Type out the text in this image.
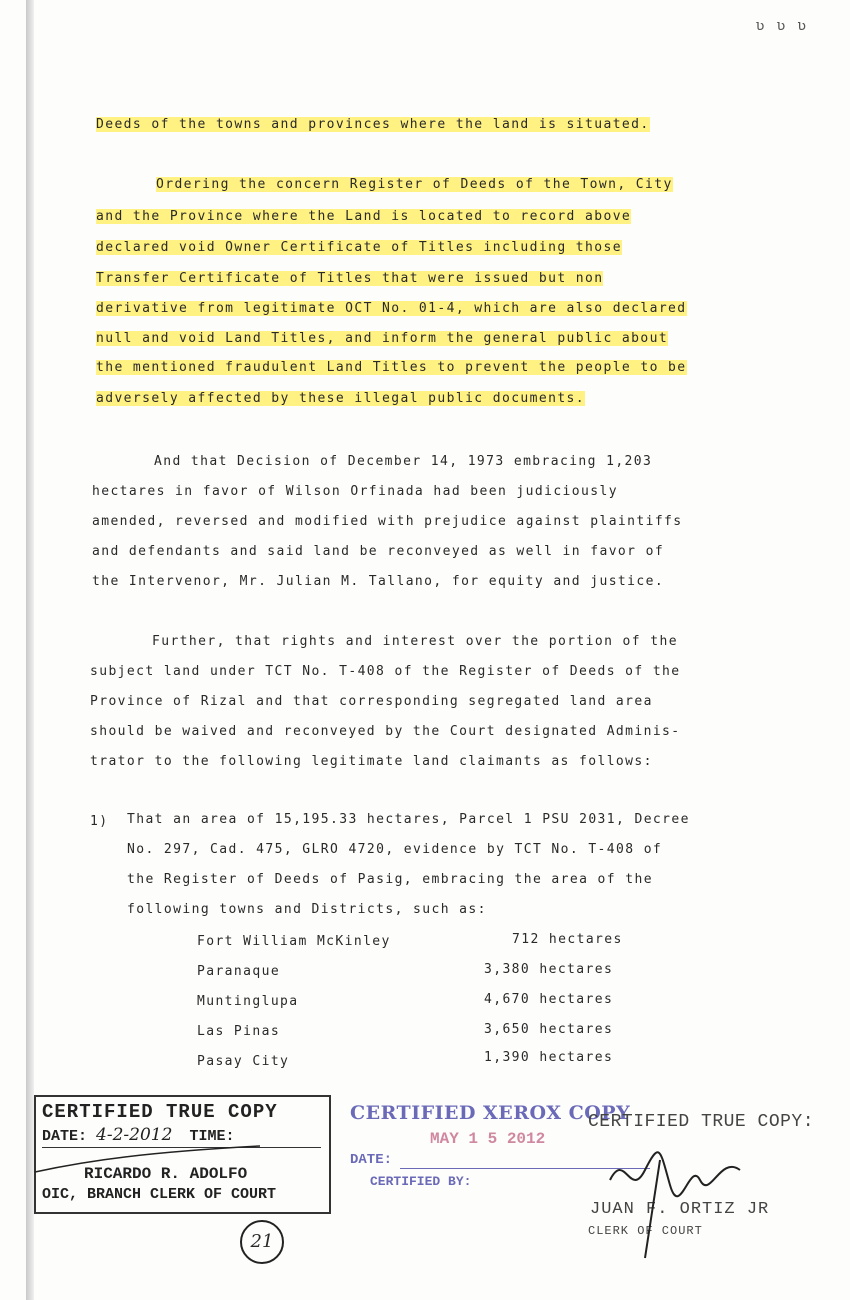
ʋ ʋ ʋ
Deeds of the towns and provinces where the land is situated.
Ordering the concern Register of Deeds of the Town, City
and the Province where the Land is located to record above
declared void Owner Certificate of Titles including those
Transfer Certificate of Titles that were issued but non
derivative from legitimate OCT No. 01-4, which are also declared
null and void Land Titles, and inform the general public about
the mentioned fraudulent Land Titles to prevent the people to be
adversely affected by these illegal public documents.
And that Decision of December 14, 1973 embracing 1,203
hectares in favor of Wilson Orfinada had been judiciously
amended, reversed and modified with prejudice against plaintiffs
and defendants and said land be reconveyed as well in favor of
the Intervenor, Mr. Julian M. Tallano, for equity and justice.
Further, that rights and interest over the portion of the
subject land under TCT No. T-408 of the Register of Deeds of the
Province of Rizal and that corresponding segregated land area
should be waived and reconveyed by the Court designated Adminis-
trator to the following legitimate land claimants as follows:
1) That an area of 15,195.33 hectares, Parcel 1 PSU 2031, Decree
No. 297, Cad. 475, GLRO 4720, evidence by TCT No. T-408 of
the Register of Deeds of Pasig, embracing the area of the
following towns and Districts, such as:
Fort William McKinley	712 hectares
Paranaque	3,380 hectares
Muntinglupa	4,670 hectares
Las Pinas	3,650 hectares
Pasay City	1,390 hectares
CERTIFIED TRUE COPY
DATE: 4-2-2012 TIME:
RICARDO R. ADOLFO
OIC, BRANCH CLERK OF COURT
CERTIFIED XEROX COPY
MAY 1 5 2012
DATE:
CERTIFIED BY:
CERTIFIED TRUE COPY:
JUAN F. ORTIZ JR
CLERK OF COURT
21
